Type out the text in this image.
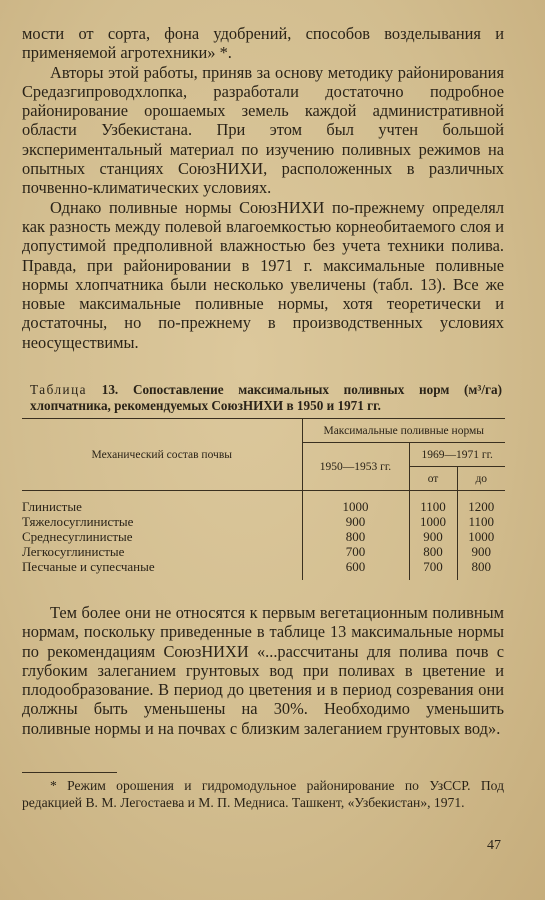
мости от сорта, фона удобрений, способов возделывания и применяемой агротехники» *.

Авторы этой работы, приняв за основу методику районирования Средазгипроводхлопка, разработали достаточно подробное районирование орошаемых земель каждой административной области Узбекистана. При этом был учтен большой экспериментальный материал по изучению поливных режимов на опытных станциях СоюзНИХИ, расположенных в различных почвенно-климатических условиях.

Однако поливные нормы СоюзНИХИ по-прежнему определял как разность между полевой влагоемкостью корнеобитаемого слоя и допустимой предполивной влажностью без учета техники полива. Правда, при районировании в 1971 г. максимальные поливные нормы хлопчатника были несколько увеличены (табл. 13). Все же новые максимальные поливные нормы, хотя теоретически и достаточны, но по-прежнему в производственных условиях неосуществимы.

Таблица 13. Сопоставление максимальных поливных норм (м³/га) хлопчатника, рекомендуемых СоюзНИХИ в 1950 и 1971 гг.

Механический состав почвы	Максимальные поливные нормы		
	1950—1953 гг.	1969—1971 гг.	
		от	до

Глинистые	1000	1100	1200
Тяжелосуглинистые	900	1000	1100
Среднесуглинистые	800	900	1000
Легкосуглинистые	700	800	900
Песчаные и супесчаные	600	700	800

Тем более они не относятся к первым вегетационным поливным нормам, поскольку приведенные в таблице 13 максимальные нормы по рекомендациям СоюзНИХИ «...рассчитаны для полива почв с глубоким залеганием грунтовых вод при поливах в цветение и плодообразование. В период до цветения и в период созревания они должны быть уменьшены на 30%. Необходимо уменьшить поливные нормы и на почвах с близким залеганием грунтовых вод».

* Режим орошения и гидромодульное районирование по УзССР. Под редакцией В. М. Легостаева и М. П. Меднисa. Ташкент, «Узбекистан», 1971.

47
